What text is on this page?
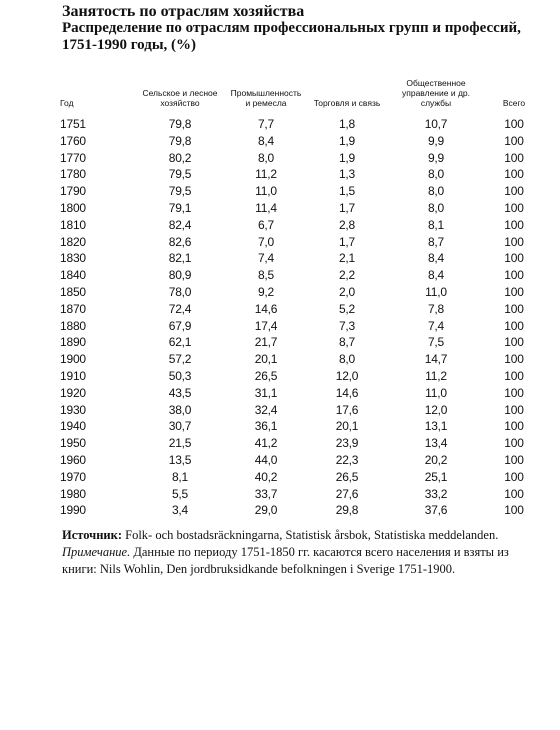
Занятость по отраслям хозяйства
Распределение по отраслям профессиональных групп и профессий,
1751-1990 годы, (%)
Год	Сельское и лесное хозяйство	Промышленность и ремесла	Торговля и связь	Общественное управление и др. службы	Всего
1751	79,8	7,7	1,8	10,7	100
1760	79,8	8,4	1,9	9,9	100
1770	80,2	8,0	1,9	9,9	100
1780	79,5	11,2	1,3	8,0	100
1790	79,5	11,0	1,5	8,0	100
1800	79,1	11,4	1,7	8,0	100
1810	82,4	6,7	2,8	8,1	100
1820	82,6	7,0	1,7	8,7	100
1830	82,1	7,4	2,1	8,4	100
1840	80,9	8,5	2,2	8,4	100
1850	78,0	9,2	2,0	11,0	100
1870	72,4	14,6	5,2	7,8	100
1880	67,9	17,4	7,3	7,4	100
1890	62,1	21,7	8,7	7,5	100
1900	57,2	20,1	8,0	14,7	100
1910	50,3	26,5	12,0	11,2	100
1920	43,5	31,1	14,6	11,0	100
1930	38,0	32,4	17,6	12,0	100
1940	30,7	36,1	20,1	13,1	100
1950	21,5	41,2	23,9	13,4	100
1960	13,5	44,0	22,3	20,2	100
1970	8,1	40,2	26,5	25,1	100
1980	5,5	33,7	27,6	33,2	100
1990	3,4	29,0	29,8	37,6	100
Источник: Folk- och bostadsräckningarna, Statistisk årsbok, Statistiska meddelanden.
Примечание. Данные по периоду 1751-1850 гг. касаются всего населения и взяты из книги: Nils Wohlin, Den jordbruksidkande befolkningen i Sverige 1751-1900.
